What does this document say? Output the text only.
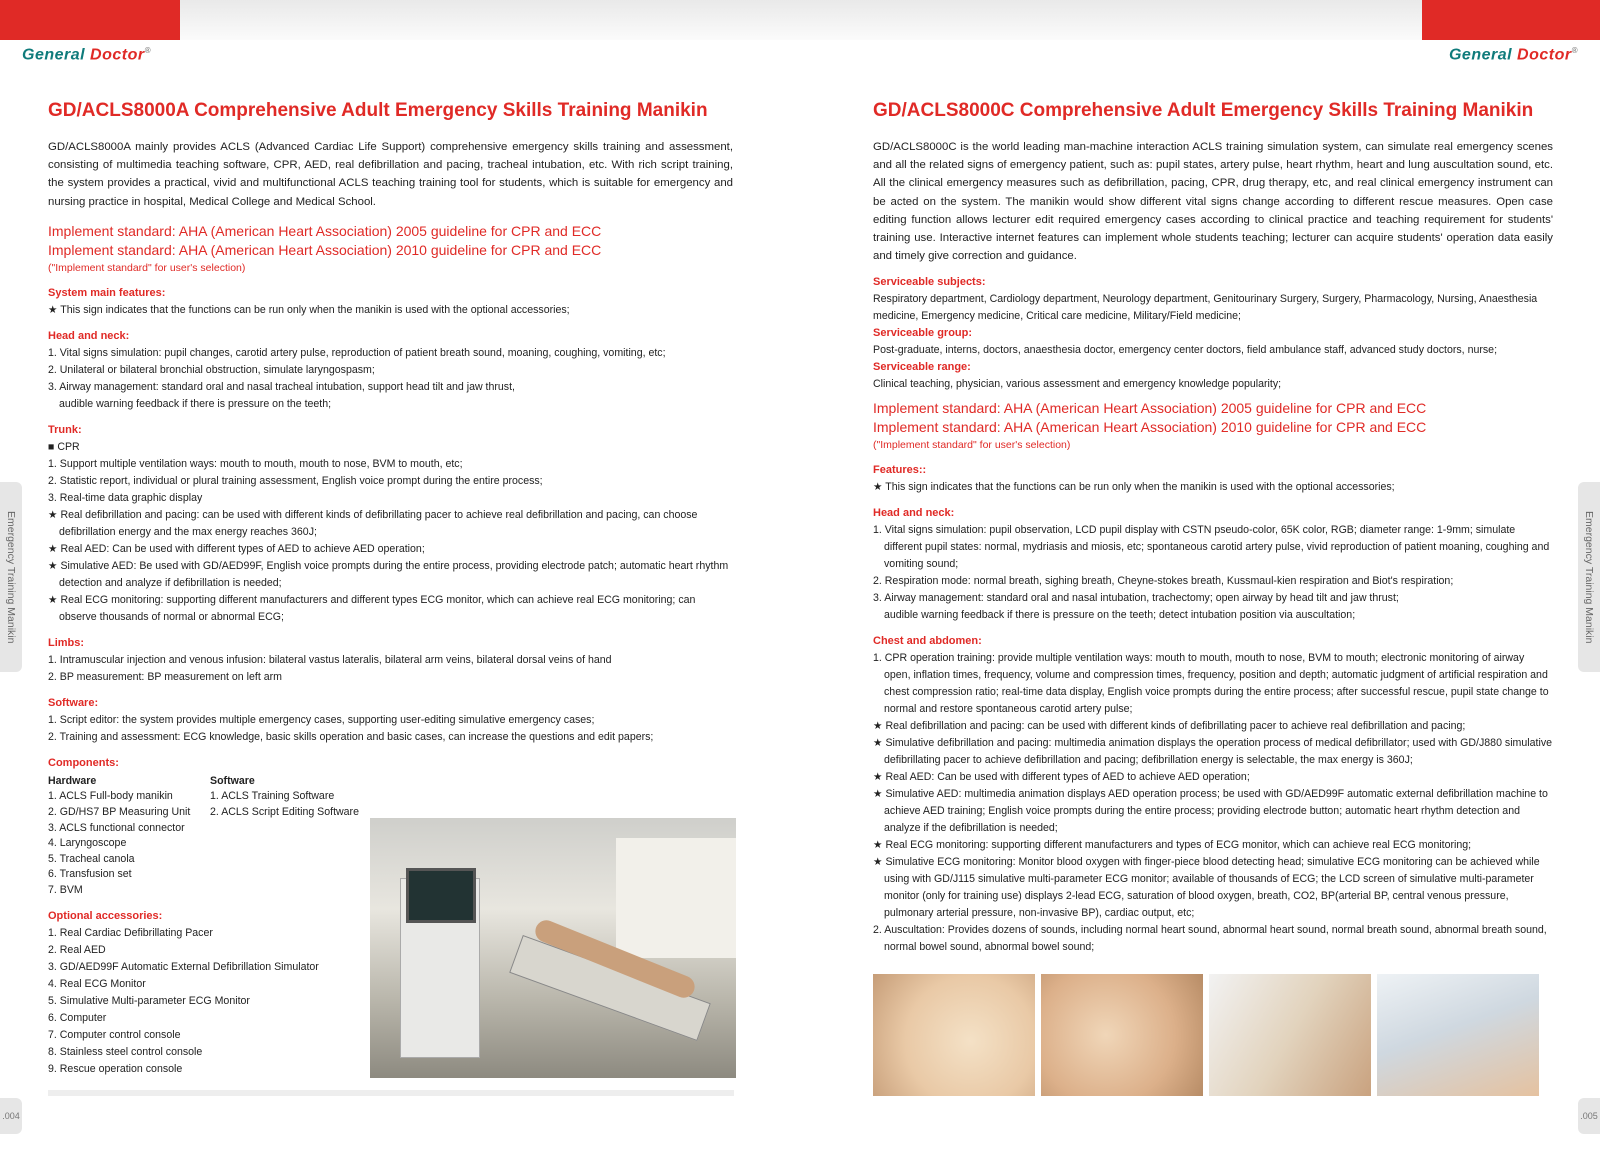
General Doctor®	General Doctor®
GD/ACLS8000A Comprehensive Adult Emergency Skills Training Manikin
GD/ACLS8000A mainly provides ACLS (Advanced Cardiac Life Support) comprehensive emergency skills training and assessment, consisting of multimedia teaching software, CPR, AED, real defibrillation and pacing, tracheal intubation, etc. With rich script training, the system provides a practical, vivid and multifunctional ACLS teaching training tool for students, which is suitable for emergency and nursing practice in hospital, Medical College and Medical School.
Implement standard: AHA (American Heart Association) 2005 guideline for CPR and ECC
Implement standard: AHA (American Heart Association) 2010 guideline for CPR and ECC
("Implement standard" for user's selection)
System main features:
★ This sign indicates that the functions can be run only when the manikin is used with the optional accessories;
Head and neck:
1. Vital signs simulation: pupil changes, carotid artery pulse, reproduction of patient breath sound, moaning, coughing, vomiting, etc;
2. Unilateral or bilateral bronchial obstruction, simulate laryngospasm;
3. Airway management: standard oral and nasal tracheal intubation, support head tilt and jaw thrust,
audible warning feedback if there is pressure on the teeth;
Trunk:
■ CPR
1. Support multiple ventilation ways: mouth to mouth, mouth to nose, BVM to mouth, etc;
2. Statistic report, individual or plural training assessment, English voice prompt during the entire process;
3. Real-time data graphic display
★ Real defibrillation and pacing: can be used with different kinds of defibrillating pacer to achieve real defibrillation and pacing, can choose defibrillation energy and the max energy reaches 360J;
★ Real AED: Can be used with different types of AED to achieve AED operation;
★ Simulative AED: Be used with GD/AED99F, English voice prompts during the entire process, providing electrode patch; automatic heart rhythm detection and analyze if defibrillation is needed;
★ Real ECG monitoring: supporting different manufacturers and different types ECG monitor, which can achieve real ECG monitoring; can observe thousands of normal or abnormal ECG;
Limbs:
1. Intramuscular injection and venous infusion: bilateral vastus lateralis, bilateral arm veins, bilateral dorsal veins of hand
2. BP measurement: BP measurement on left arm
Software:
1. Script editor: the system provides multiple emergency cases, supporting user-editing simulative emergency cases;
2. Training and assessment: ECG knowledge, basic skills operation and basic cases, can increase the questions and edit papers;
Components:
Hardware
1. ACLS Full-body manikin
2. GD/HS7 BP Measuring Unit
3. ACLS functional connector
4. Laryngoscope
5. Tracheal canola
6. Transfusion set
7. BVM
Software
1. ACLS Training Software
2. ACLS Script Editing Software
Optional accessories:
1. Real Cardiac Defibrillating Pacer
2. Real AED
3. GD/AED99F Automatic External Defibrillation Simulator
4. Real ECG Monitor
5. Simulative Multi-parameter ECG Monitor
6. Computer
7. Computer control console
8. Stainless steel control console
9. Rescue operation console
GD/ACLS8000C Comprehensive Adult Emergency Skills Training Manikin
GD/ACLS8000C is the world leading man-machine interaction ACLS training simulation system, can simulate real emergency scenes and all the related signs of emergency patient, such as: pupil states, artery pulse, heart rhythm, heart and lung auscultation sound, etc. All the clinical emergency measures such as defibrillation, pacing, CPR, drug therapy, etc, and real clinical emergency instrument can be acted on the system. The manikin would show different vital signs change according to different rescue measures. Open case editing function allows lecturer edit required emergency cases according to clinical practice and teaching requirement for students' training use. Interactive internet features can implement whole students teaching; lecturer can acquire students' operation data easily and timely give correction and guidance.
Serviceable subjects:
Respiratory department, Cardiology department, Neurology department, Genitourinary Surgery, Surgery, Pharmacology, Nursing, Anaesthesia medicine, Emergency medicine, Critical care medicine, Military/Field medicine;
Serviceable group:
Post-graduate, interns, doctors, anaesthesia doctor, emergency center doctors, field ambulance staff, advanced study doctors, nurse;
Serviceable range:
Clinical teaching, physician, various assessment and emergency knowledge popularity;
Implement standard: AHA (American Heart Association) 2005 guideline for CPR and ECC
Implement standard: AHA (American Heart Association) 2010 guideline for CPR and ECC
("Implement standard" for user's selection)
Features::
★ This sign indicates that the functions can be run only when the manikin is used with the optional accessories;
Head and neck:
1. Vital signs simulation: pupil observation, LCD pupil display with CSTN pseudo-color, 65K color, RGB; diameter range: 1-9mm; simulate different pupil states: normal, mydriasis and miosis, etc; spontaneous carotid artery pulse, vivid reproduction of patient moaning, coughing and vomiting sound;
2. Respiration mode: normal breath, sighing breath, Cheyne-stokes breath, Kussmaul-kien respiration and Biot's respiration;
3. Airway management: standard oral and nasal intubation, trachectomy; open airway by head tilt and jaw thrust;
audible warning feedback if there is pressure on the teeth; detect intubation position via auscultation;
Chest and abdomen:
1. CPR operation training: provide multiple ventilation ways: mouth to mouth, mouth to nose, BVM to mouth; electronic monitoring of airway open, inflation times, frequency, volume and compression times, frequency, position and depth; automatic judgment of artificial respiration and chest compression ratio; real-time data display, English voice prompts during the entire process; after successful rescue, pupil state change to normal and restore spontaneous carotid artery pulse;
★ Real defibrillation and pacing: can be used with different kinds of defibrillating pacer to achieve real defibrillation and pacing;
★ Simulative defibrillation and pacing: multimedia animation displays the operation process of medical defibrillator; used with GD/J880 simulative defibrillating pacer to achieve defibrillation and pacing; defibrillation energy is selectable, the max energy is 360J;
★ Real AED: Can be used with different types of AED to achieve AED operation;
★ Simulative AED: multimedia animation displays AED operation process; be used with GD/AED99F automatic external defibrillation machine to achieve AED training; English voice prompts during the entire process; providing electrode button; automatic heart rhythm detection and analyze if the defibrillation is needed;
★ Real ECG monitoring: supporting different manufacturers and types of ECG monitor, which can achieve real ECG monitoring;
★ Simulative ECG monitoring: Monitor blood oxygen with finger-piece blood detecting head; simulative ECG monitoring can be achieved while using with GD/J115 simulative multi-parameter ECG monitor; available of thousands of ECG; the LCD screen of simulative multi-parameter monitor (only for training use) displays 2-lead ECG, saturation of blood oxygen, breath, CO2, BP(arterial BP, central venous pressure, pulmonary arterial pressure, non-invasive BP), cardiac output, etc;
2. Auscultation: Provides dozens of sounds, including normal heart sound, abnormal heart sound, normal breath sound, abnormal breath sound, normal bowel sound, abnormal bowel sound;
Emergency Training Manikin	Emergency Training Manikin
.004	.005
